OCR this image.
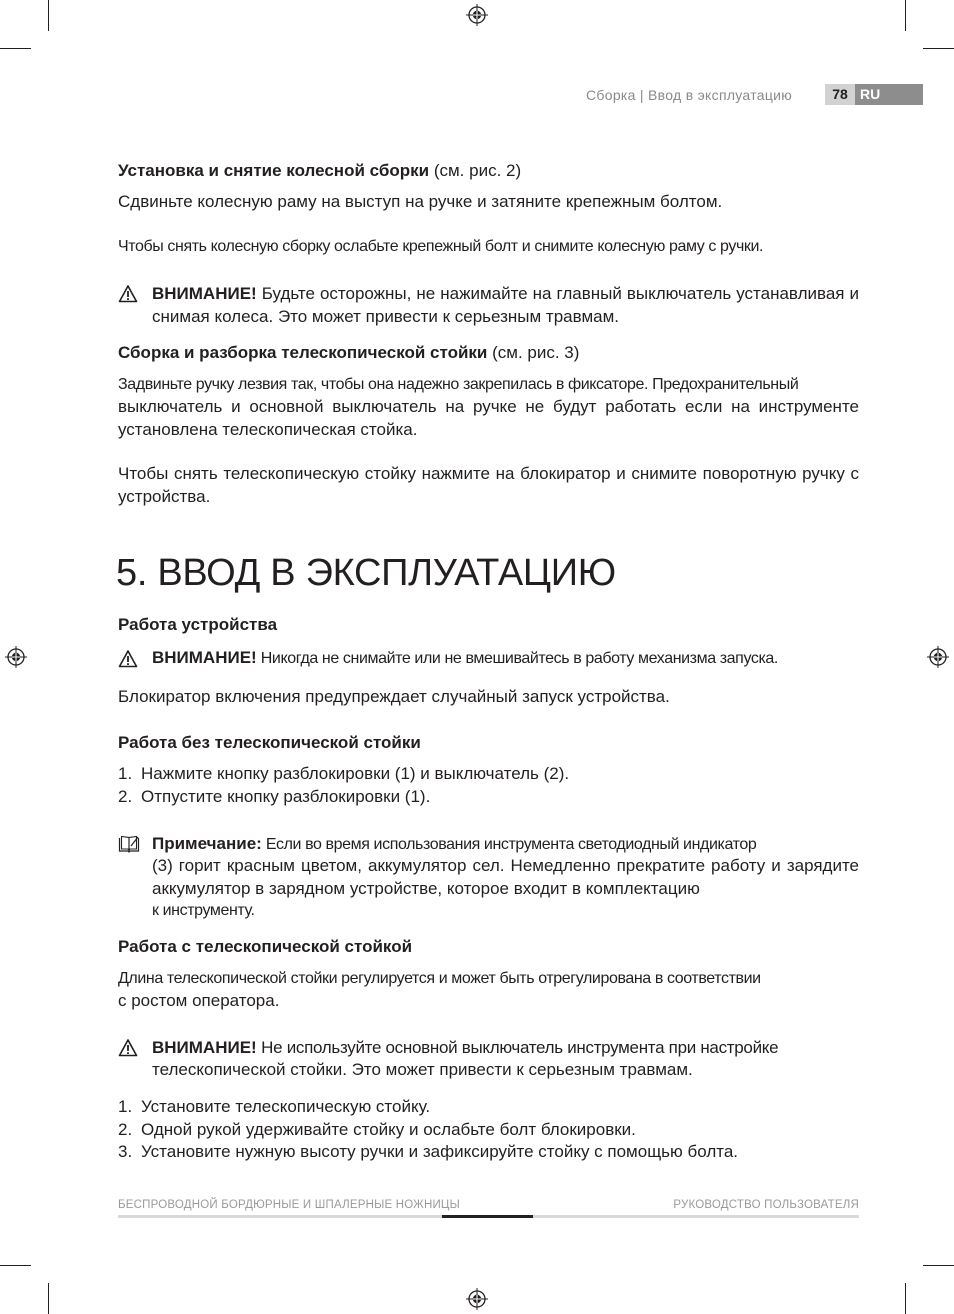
Сборка | Ввод в эксплуатацию	78 RU

Установка и снятие колесной сборки (см. рис. 2)

Сдвиньте колесную раму на выступ на ручке и затяните крепежным болтом.

Чтобы снять колесную сборку ослабьте крепежный болт и снимите колесную раму с ручки.

ВНИМАНИЕ! Будьте осторожны, не нажимайте на главный выключатель устанавливая и снимая колеса. Это может привести к серьезным травмам.

Сборка и разборка телескопической стойки (см. рис. 3)

Задвиньте ручку лезвия так, чтобы она надежно закрепилась в фиксаторе. Предохранительный

выключатель и основной выключатель на ручке не будут работать если на инструменте установлена телескопическая стойка.

Чтобы снять телескопическую стойку нажмите на блокиратор и снимите поворотную ручку с устройства.

5. ВВОД В ЭКСПЛУАТАЦИЮ

Работа устройства

ВНИМАНИЕ! Никогда не снимайте или не вмешивайтесь в работу механизма запуска.

Блокиратор включения предупреждает случайный запуск устройства.

Работа без телескопической стойки

1. Нажмите кнопку разблокировки (1) и выключатель (2).
2. Отпустите кнопку разблокировки (1).

Примечание: Если во время использования инструмента светодиодный индикатор

(3) горит красным цветом, аккумулятор сел. Немедленно прекратите работу и зарядите аккумулятор в зарядном устройстве, которое входит в комплектацию

к инструменту.

Работа с телескопической стойкой

Длина телескопической стойки регулируется и может быть отрегулирована в соответствии

с ростом оператора.

ВНИМАНИЕ! Не используйте основной выключатель инструмента при настройке

телескопической стойки. Это может привести к серьезным травмам.

1. Установите телескопическую стойку.
2. Одной рукой удерживайте стойку и ослабьте болт блокировки.
3. Установите нужную высоту ручки и зафиксируйте стойку с помощью болта.
БЕСПРОВОДНОЙ БОРДЮРНЫЕ И ШПАЛЕРНЫЕ НОЖНИЦЫ	РУКОВОДСТВО ПОЛЬЗОВАТЕЛЯ
